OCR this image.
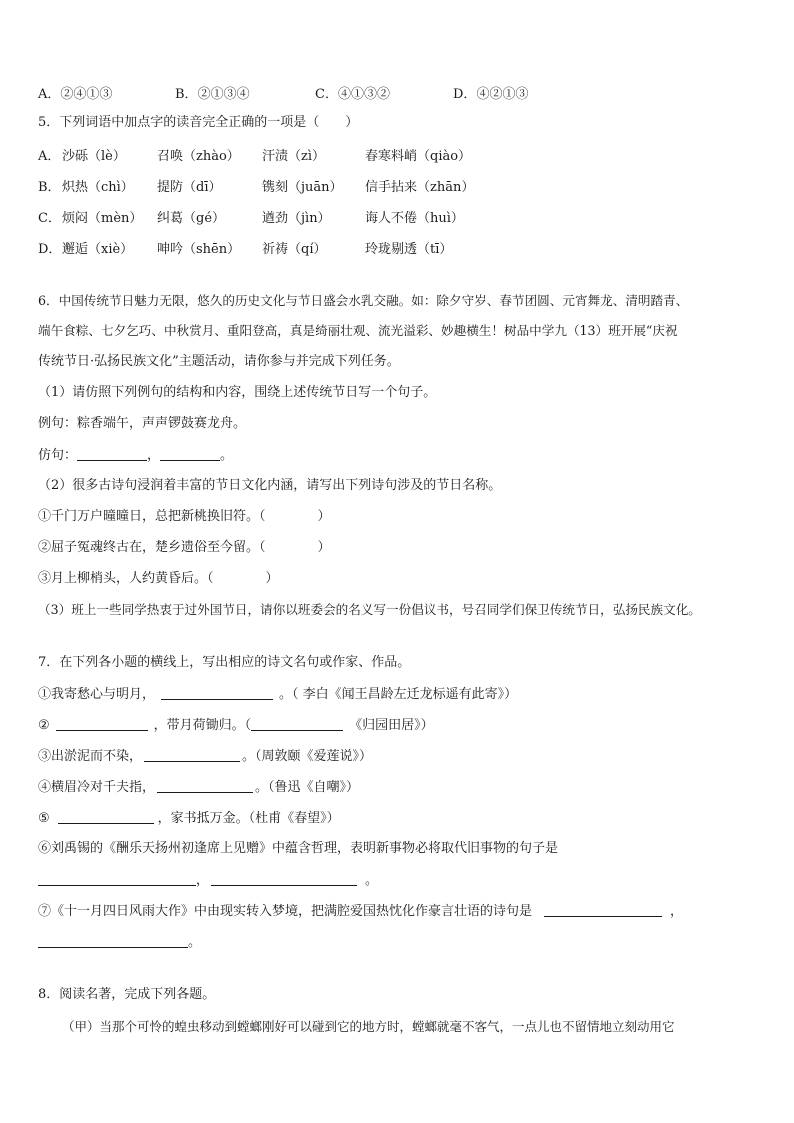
A．②④①③	B．②①③④	C．④①③②	D．④②①③
5．下列词语中加点字的读音完全正确的一项是（　　）
A． 沙砾（lè） 召唤（zhào） 汗渍（zì）	春寒料峭（qiào）
B． 炽热（chì） 提防（dī）	镌刻（juān） 信手拈来（zhān）
C． 烦闷（mèn） 纠葛（gé）	遒劲（jìn）	诲人不倦（huì）
D． 邂逅（xiè） 呻吟（shēn） 祈祷（qí）	玲珑剔透（tī）
6．中国传统节日魅力无限，悠久的历史文化与节日盛会水乳交融。如：除夕守岁、春节团圆、元宵舞龙、清明踏青、
端午食粽、七夕乞巧、中秋赏月、重阳登高，真是绮丽壮观、流光溢彩、妙趣横生！树品中学九（13）班开展“庆祝
传统节日·弘扬民族文化”主题活动，请你参与并完成下列任务。
（1）请仿照下列例句的结构和内容，围绕上述传统节日写一个句子。
例句：粽香端午，声声锣鼓赛龙舟。
仿句：	，	。
（2）很多古诗句浸润着丰富的节日文化内涵，请写出下列诗句涉及的节日名称。
①千门万户曈曈日，总把新桃换旧符。（　　　　）
②屈子冤魂终古在，楚乡遗俗至今留。（　　　　）
③月上柳梢头，人约黄昏后。（　　　　）
（3）班上一些同学热衷于过外国节日，请你以班委会的名义写一份倡议书，号召同学们保卫传统节日，弘扬民族文化。
7．在下列各小题的横线上，写出相应的诗文名句或作家、作品。
①我寄愁心与明月，	。（ 李白《闻王昌龄左迁龙标遥有此寄》）
②	，带月荷锄归。（	《归园田居》）
③出淤泥而不染，	。（周敦颐《爱莲说》）
④横眉冷对千夫指，	。（鲁迅《自嘲》）
⑤	，家书抵万金。（杜甫《春望》）
⑥刘禹锡的《酬乐天扬州初逢席上见赠》中蕴含哲理，表明新事物必将取代旧事物的句子是
，	。
⑦《十一月四日风雨大作》中由现实转入梦境，把满腔爱国热忱化作豪言壮语的诗句是	，
。
8．阅读名著，完成下列各题。
（甲）当那个可怜的蝗虫移动到螳螂刚好可以碰到它的地方时，螳螂就毫不客气，一点儿也不留情地立刻动用它
